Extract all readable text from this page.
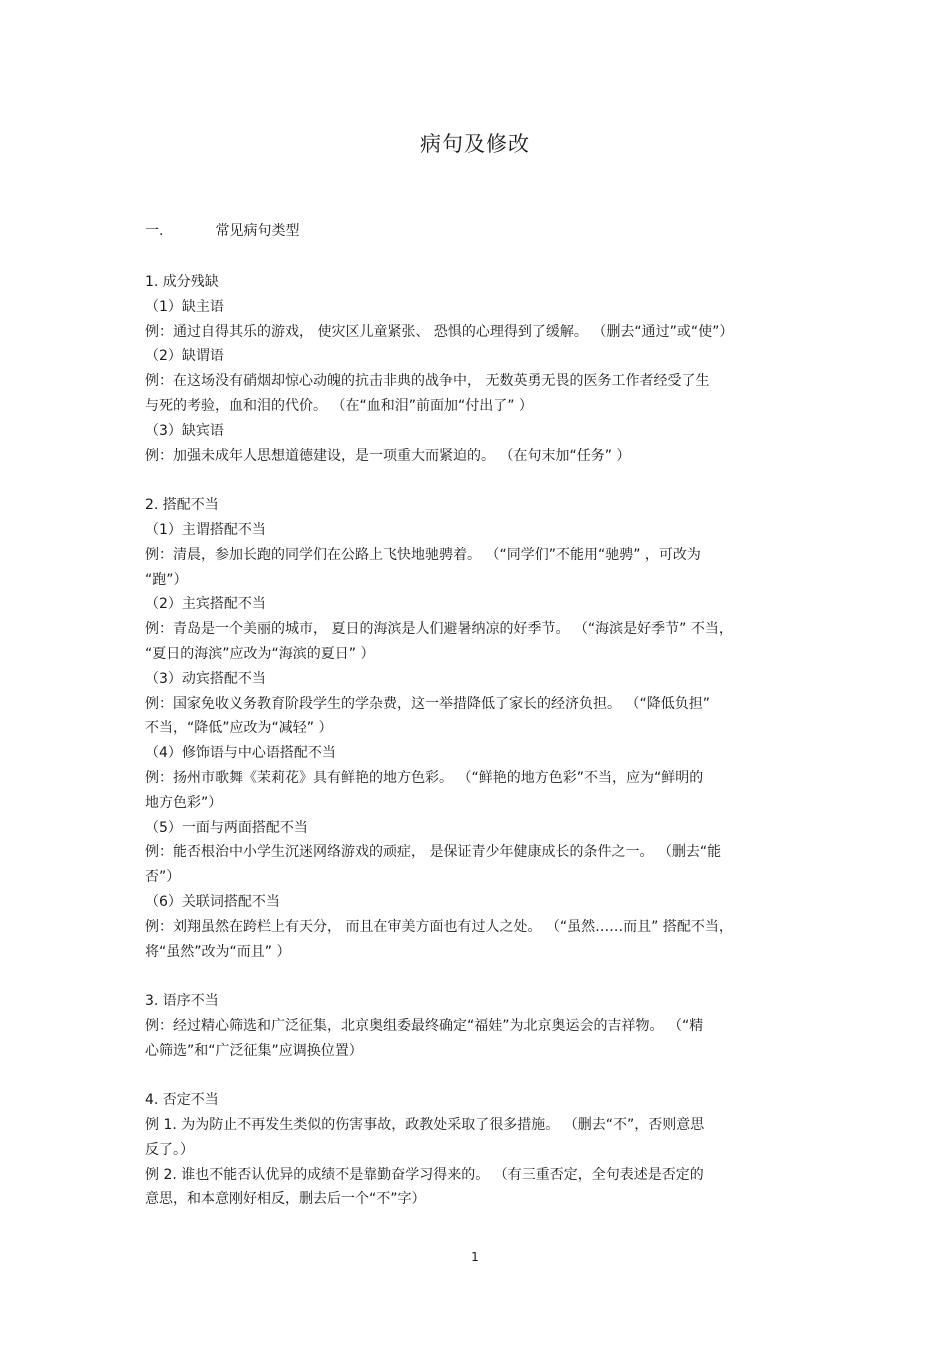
病句及修改
一.	常见病句类型
1. 成分残缺
（1）缺主语
例：通过自得其乐的游戏， 使灾区儿童紧张、 恐惧的心理得到了缓解。 （删去“通过”或“使”）
（2）缺谓语
例：在这场没有硝烟却惊心动魄的抗击非典的战争中， 无数英勇无畏的医务工作者经受了生
与死的考验，血和泪的代价。 （在“血和泪”前面加“付出了” ）
（3）缺宾语
例：加强未成年人思想道德建设，是一项重大而紧迫的。 （在句末加“任务” ）
2. 搭配不当
（1）主谓搭配不当
例：清晨，参加长跑的同学们在公路上飞快地驰骋着。 （“同学们”不能用“驰骋” ，可改为
“跑”）
（2）主宾搭配不当
例：青岛是一个美丽的城市， 夏日的海滨是人们避暑纳凉的好季节。 （“海滨是好季节” 不当，
“夏日的海滨”应改为“海滨的夏日” ）
（3）动宾搭配不当
例：国家免收义务教育阶段学生的学杂费，这一举措降低了家长的经济负担。 （“降低负担”
不当，“降低”应改为“减轻” ）
（4）修饰语与中心语搭配不当
例：扬州市歌舞《茉莉花》具有鲜艳的地方色彩。 （“鲜艳的地方色彩”不当，应为“鲜明的
地方色彩”）
（5）一面与两面搭配不当
例：能否根治中小学生沉迷网络游戏的顽症， 是保证青少年健康成长的条件之一。 （删去“能
否”）
（6）关联词搭配不当
例：刘翔虽然在跨栏上有天分， 而且在审美方面也有过人之处。 （“虽然……而且” 搭配不当，
将“虽然”改为“而且” ）
3. 语序不当
例：经过精心筛选和广泛征集，北京奥组委最终确定“福娃”为北京奥运会的吉祥物。 （“精
心筛选”和“广泛征集”应调换位置）
4. 否定不当
例 1. 为为防止不再发生类似的伤害事故，政教处采取了很多措施。 （删去“不”，否则意思
反了。）
例 2. 谁也不能否认优异的成绩不是靠勤奋学习得来的。 （有三重否定，全句表述是否定的
意思，和本意刚好相反，删去后一个“不”字）
1
